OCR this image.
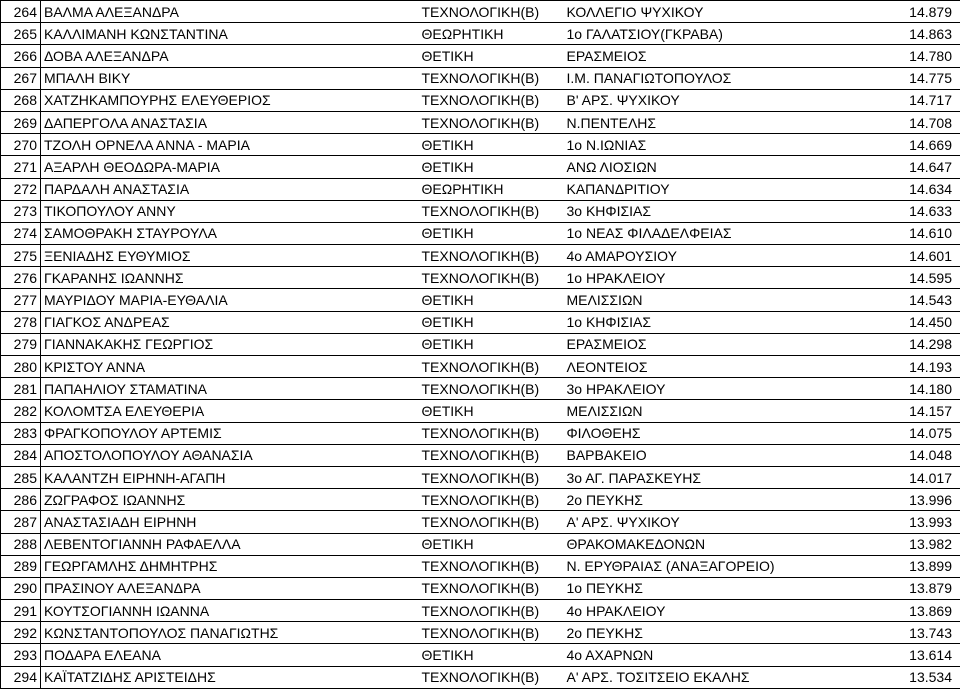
264	ΒΑΛΜΑ ΑΛΕΞΑΝΔΡΑ	ΤΕΧΝΟΛΟΓΙΚΗ(Β)	ΚΟΛΛΕΓΙΟ ΨΥΧΙΚΟΥ	14.879
265	ΚΑΛΛΙΜΑΝΗ ΚΩΝΣΤΑΝΤΙΝΑ	ΘΕΩΡΗΤΙΚΗ	1ο ΓΑΛΑΤΣΙΟΥ(ΓΚΡΑΒΑ)	14.863
266	ΔΟΒΑ ΑΛΕΞΑΝΔΡΑ	ΘΕΤΙΚΗ	ΕΡΑΣΜΕΙΟΣ	14.780
267	ΜΠΑΛΗ ΒΙΚΥ	ΤΕΧΝΟΛΟΓΙΚΗ(Β)	Ι.Μ. ΠΑΝΑΓΙΩΤΟΠΟΥΛΟΣ	14.775
268	ΧΑΤΖΗΚΑΜΠΟΥΡΗΣ ΕΛΕΥΘΕΡΙΟΣ	ΤΕΧΝΟΛΟΓΙΚΗ(Β)	Β' ΑΡΣ. ΨΥΧΙΚΟΥ	14.717
269	ΔΑΠΕΡΓΟΛΑ ΑΝΑΣΤΑΣΙΑ	ΤΕΧΝΟΛΟΓΙΚΗ(Β)	Ν.ΠΕΝΤΕΛΗΣ	14.708
270	ΤΖΟΛΗ ΟΡΝΕΛΑ ΑΝΝΑ - ΜΑΡΙΑ	ΘΕΤΙΚΗ	1ο Ν.ΙΩΝΙΑΣ	14.669
271	ΑΞΑΡΛΗ ΘΕΟΔΩΡΑ-ΜΑΡΙΑ	ΘΕΤΙΚΗ	ΑΝΩ ΛΙΟΣΙΩΝ	14.647
272	ΠΑΡΔΑΛΗ ΑΝΑΣΤΑΣΙΑ	ΘΕΩΡΗΤΙΚΗ	ΚΑΠΑΝΔΡΙΤΙΟΥ	14.634
273	ΤΙΚΟΠΟΥΛΟΥ ΑΝΝΥ	ΤΕΧΝΟΛΟΓΙΚΗ(Β)	3ο ΚΗΦΙΣΙΑΣ	14.633
274	ΣΑΜΟΘΡΑΚΗ ΣΤΑΥΡΟΥΛΑ	ΘΕΤΙΚΗ	1ο ΝΕΑΣ ΦΙΛΑΔΕΛΦΕΙΑΣ	14.610
275	ΞΕΝΙΑΔΗΣ ΕΥΘΥΜΙΟΣ	ΤΕΧΝΟΛΟΓΙΚΗ(Β)	4ο ΑΜΑΡΟΥΣΙΟΥ	14.601
276	ΓΚΑΡΑΝΗΣ ΙΩΑΝΝΗΣ	ΤΕΧΝΟΛΟΓΙΚΗ(Β)	1ο ΗΡΑΚΛΕΙΟΥ	14.595
277	ΜΑΥΡΙΔΟΥ ΜΑΡΙΑ-ΕΥΘΑΛΙΑ	ΘΕΤΙΚΗ	ΜΕΛΙΣΣΙΩΝ	14.543
278	ΓΙΑΓΚΟΣ ΑΝΔΡΕΑΣ	ΘΕΤΙΚΗ	1ο ΚΗΦΙΣΙΑΣ	14.450
279	ΓΙΑΝΝΑΚΑΚΗΣ ΓΕΩΡΓΙΟΣ	ΘΕΤΙΚΗ	ΕΡΑΣΜΕΙΟΣ	14.298
280	ΚΡΙΣΤΟΥ ΑΝΝΑ	ΤΕΧΝΟΛΟΓΙΚΗ(Β)	ΛΕΟΝΤΕΙΟΣ	14.193
281	ΠΑΠΑΗΛΙΟΥ ΣΤΑΜΑΤΙΝΑ	ΤΕΧΝΟΛΟΓΙΚΗ(Β)	3ο ΗΡΑΚΛΕΙΟΥ	14.180
282	ΚΟΛΟΜΤΣΑ ΕΛΕΥΘΕΡΙΑ	ΘΕΤΙΚΗ	ΜΕΛΙΣΣΙΩΝ	14.157
283	ΦΡΑΓΚΟΠΟΥΛΟΥ ΑΡΤΕΜΙΣ	ΤΕΧΝΟΛΟΓΙΚΗ(Β)	ΦΙΛΟΘΕΗΣ	14.075
284	ΑΠΟΣΤΟΛΟΠΟΥΛΟΥ ΑΘΑΝΑΣΙΑ	ΤΕΧΝΟΛΟΓΙΚΗ(Β)	ΒΑΡΒΑΚΕΙΟ	14.048
285	ΚΑΛΑΝΤΖΗ ΕΙΡΗΝΗ-ΑΓΑΠΗ	ΤΕΧΝΟΛΟΓΙΚΗ(Β)	3ο ΑΓ. ΠΑΡΑΣΚΕΥΗΣ	14.017
286	ΖΩΓΡΑΦΟΣ ΙΩΑΝΝΗΣ	ΤΕΧΝΟΛΟΓΙΚΗ(Β)	2ο ΠΕΥΚΗΣ	13.996
287	ΑΝΑΣΤΑΣΙΑΔΗ ΕΙΡΗΝΗ	ΤΕΧΝΟΛΟΓΙΚΗ(Β)	Α' ΑΡΣ. ΨΥΧΙΚΟΥ	13.993
288	ΛΕΒΕΝΤΟΓΙΑΝΝΗ ΡΑΦΑΕΛΛΑ	ΘΕΤΙΚΗ	ΘΡΑΚΟΜΑΚΕΔΟΝΩΝ	13.982
289	ΓΕΩΡΓΑΜΛΗΣ ΔΗΜΗΤΡΗΣ	ΤΕΧΝΟΛΟΓΙΚΗ(Β)	Ν. ΕΡΥΘΡΑΙΑΣ (ΑΝΑΞΑΓΟΡΕΙΟ)	13.899
290	ΠΡΑΣΙΝΟΥ ΑΛΕΞΑΝΔΡΑ	ΤΕΧΝΟΛΟΓΙΚΗ(Β)	1ο ΠΕΥΚΗΣ	13.879
291	ΚΟΥΤΣΟΓΙΑΝΝΗ ΙΩΑΝΝΑ	ΤΕΧΝΟΛΟΓΙΚΗ(Β)	4ο ΗΡΑΚΛΕΙΟΥ	13.869
292	ΚΩΝΣΤΑΝΤΟΠΟΥΛΟΣ ΠΑΝΑΓΙΩΤΗΣ	ΤΕΧΝΟΛΟΓΙΚΗ(Β)	2ο ΠΕΥΚΗΣ	13.743
293	ΠΟΔΑΡΑ ΕΛΕΑΝΑ	ΘΕΤΙΚΗ	4ο ΑΧΑΡΝΩΝ	13.614
294	ΚΑΪΤΑΤΖΙΔΗΣ ΑΡΙΣΤΕΙΔΗΣ	ΤΕΧΝΟΛΟΓΙΚΗ(Β)	Α' ΑΡΣ. ΤΟΣΙΤΣΕΙΟ ΕΚΑΛΗΣ	13.534
